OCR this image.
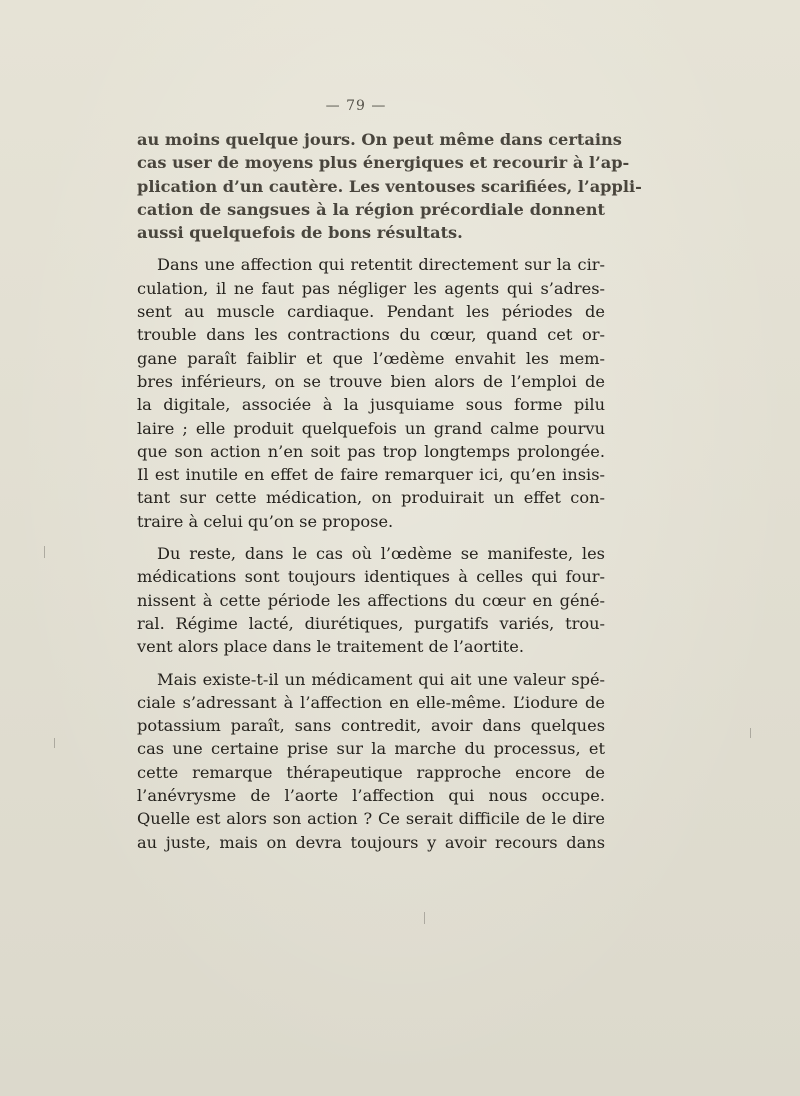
— 79 —

au moins quelque jours. On peut même dans certains
cas user de moyens plus énergiques et recourir à l’ap-
plication d’un cautère. Les ventouses scarifiées, l’appli-
cation de sangsues à la région précordiale donnent
aussi quelquefois de bons résultats.

Dans une affection qui retentit directement sur la cir-
culation, il ne faut pas négliger les agents qui s’adres-
sent au muscle cardiaque. Pendant les périodes de
trouble dans les contractions du cœur, quand cet or-
gane paraît faiblir et que l’œdème envahit les mem-
bres inférieurs, on se trouve bien alors de l’emploi de
la digitale, associée à la jusquiame sous forme pilu
laire ; elle produit quelquefois un grand calme pourvu
que son action n’en soit pas trop longtemps prolongée.
Il est inutile en effet de faire remarquer ici, qu’en insis-
tant sur cette médication, on produirait un effet con-
traire à celui qu’on se propose.

Du reste, dans le cas où l’œdème se manifeste, les
médications sont toujours identiques à celles qui four-
nissent à cette période les affections du cœur en géné-
ral. Régime lacté, diurétiques, purgatifs variés, trou-
vent alors place dans le traitement de l’aortite.

Mais existe-t-il un médicament qui ait une valeur spé-
ciale s’adressant à l’affection en elle-même. L’iodure de
potassium paraît, sans contredit, avoir dans quelques
cas une certaine prise sur la marche du processus, et
cette remarque thérapeutique rapproche encore de
l’anévrysme de l’aorte l’affection qui nous occupe.
Quelle est alors son action ? Ce serait difficile de le dire
au juste, mais on devra toujours y avoir recours dans
